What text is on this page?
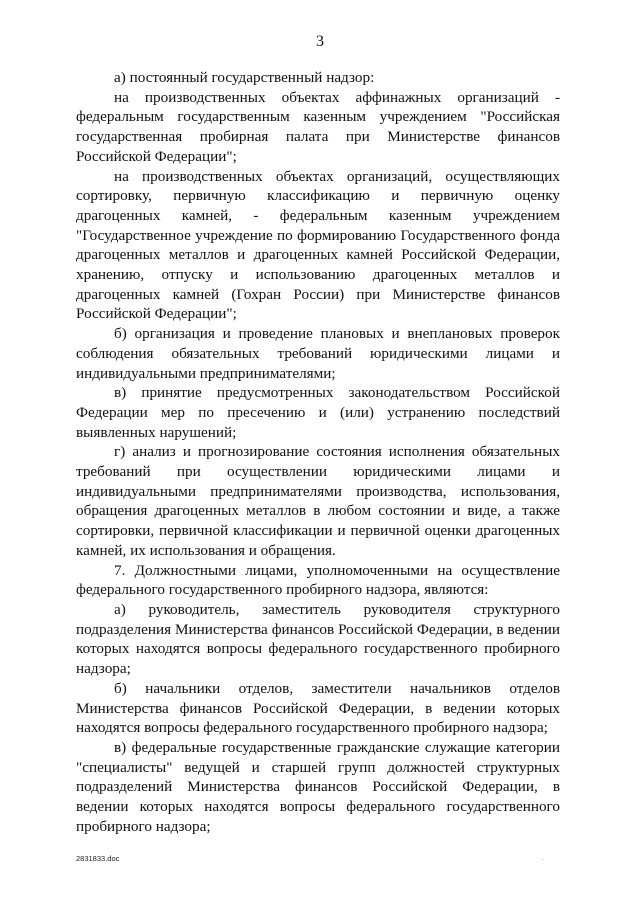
3

а) постоянный государственный надзор:

на производственных объектах аффинажных организаций - федеральным государственным казенным учреждением "Российская государственная пробирная палата при Министерстве финансов Российской Федерации";

на производственных объектах организаций, осуществляющих сортировку, первичную классификацию и первичную оценку драгоценных камней, - федеральным казенным учреждением "Государственное учреждение по формированию Государственного фонда драгоценных металлов и драгоценных камней Российской Федерации, хранению, отпуску и использованию драгоценных металлов и драгоценных камней (Гохран России) при Министерстве финансов Российской Федерации";

б) организация и проведение плановых и внеплановых проверок соблюдения обязательных требований юридическими лицами и индивидуальными предпринимателями;

в) принятие предусмотренных законодательством Российской Федерации мер по пресечению и (или) устранению последствий выявленных нарушений;

г) анализ и прогнозирование состояния исполнения обязательных требований при осуществлении юридическими лицами и индивидуальными предпринимателями производства, использования, обращения драгоценных металлов в любом состоянии и виде, а также сортировки, первичной классификации и первичной оценки драгоценных камней, их использования и обращения.

7. Должностными лицами, уполномоченными на осуществление федерального государственного пробирного надзора, являются:

а) руководитель, заместитель руководителя структурного подразделения Министерства финансов Российской Федерации, в ведении которых находятся вопросы федерального государственного пробирного надзора;

б) начальники отделов, заместители начальников отделов Министерства финансов Российской Федерации, в ведении которых находятся вопросы федерального государственного пробирного надзора;

в) федеральные государственные гражданские служащие категории "специалисты" ведущей и старшей групп должностей структурных подразделений Министерства финансов Российской Федерации, в ведении которых находятся вопросы федерального государственного пробирного надзора;

2831833.doc	.
